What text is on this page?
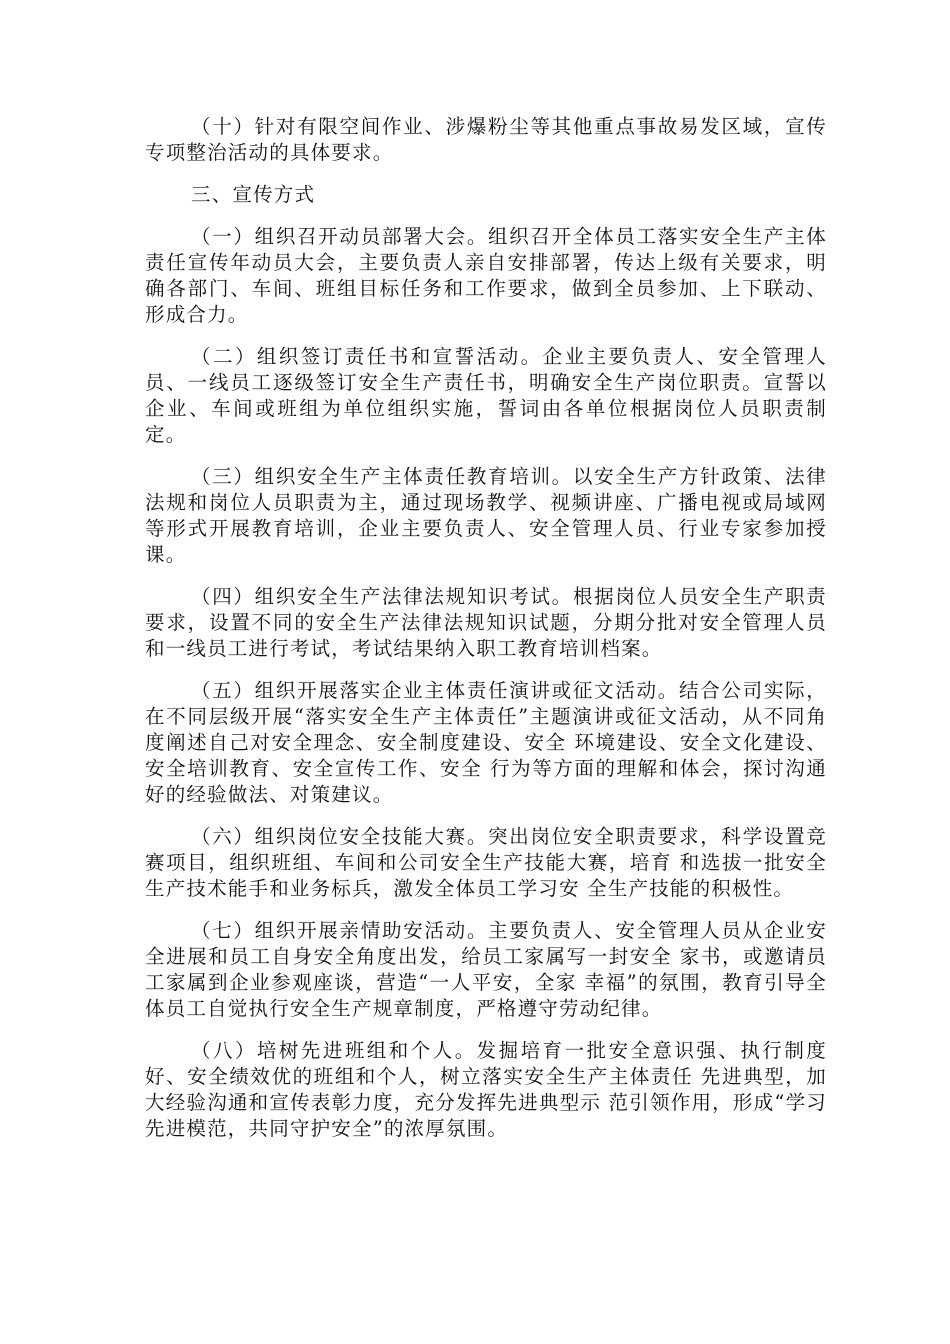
（十）针对有限空间作业、涉爆粉尘等其他重点事故易发区域，宣传专项整治活动的具体要求。

三、宣传方式

（一）组织召开动员部署大会。组织召开全体员工落实安全生产主体责任宣传年动员大会，主要负责人亲自安排部署，传达上级有关要求，明确各部门、车间、班组目标任务和工作要求，做到全员参加、上下联动、形成合力。

（二）组织签订责任书和宣誓活动。企业主要负责人、安全管理人员、一线员工逐级签订安全生产责任书，明确安全生产岗位职责。宣誓以企业、车间或班组为单位组织实施，誓词由各单位根据岗位人员职责制定。

（三）组织安全生产主体责任教育培训。以安全生产方针政策、法律法规和岗位人员职责为主，通过现场教学、视频讲座、广播电视或局域网等形式开展教育培训，企业主要负责人、安全管理人员、行业专家参加授课。

（四）组织安全生产法律法规知识考试。根据岗位人员安全生产职责要求，设置不同的安全生产法律法规知识试题，分期分批对安全管理人员和一线员工进行考试，考试结果纳入职工教育培训档案。

（五）组织开展落实企业主体责任演讲或征文活动。结合公司实际，在不同层级开展“落实安全生产主体责任”主题演讲或征文活动，从不同角度阐述自己对安全理念、安全制度建设、安全 环境建设、安全文化建设、安全培训教育、安全宣传工作、安全 行为等方面的理解和体会，探讨沟通好的经验做法、对策建议。

（六）组织岗位安全技能大赛。突出岗位安全职责要求，科学设置竞赛项目，组织班组、车间和公司安全生产技能大赛，培育 和选拔一批安全生产技术能手和业务标兵，激发全体员工学习安 全生产技能的积极性。

（七）组织开展亲情助安活动。主要负责人、安全管理人员从企业安全进展和员工自身安全角度出发，给员工家属写一封安全 家书，或邀请员工家属到企业参观座谈，营造“一人平安，全家 幸福”的氛围，教育引导全体员工自觉执行安全生产规章制度，严格遵守劳动纪律。

（八）培树先进班组和个人。发掘培育一批安全意识强、执行制度好、安全绩效优的班组和个人，树立落实安全生产主体责任 先进典型，加大经验沟通和宣传表彰力度，充分发挥先进典型示 范引领作用，形成“学习先进模范，共同守护安全”的浓厚氛围。
